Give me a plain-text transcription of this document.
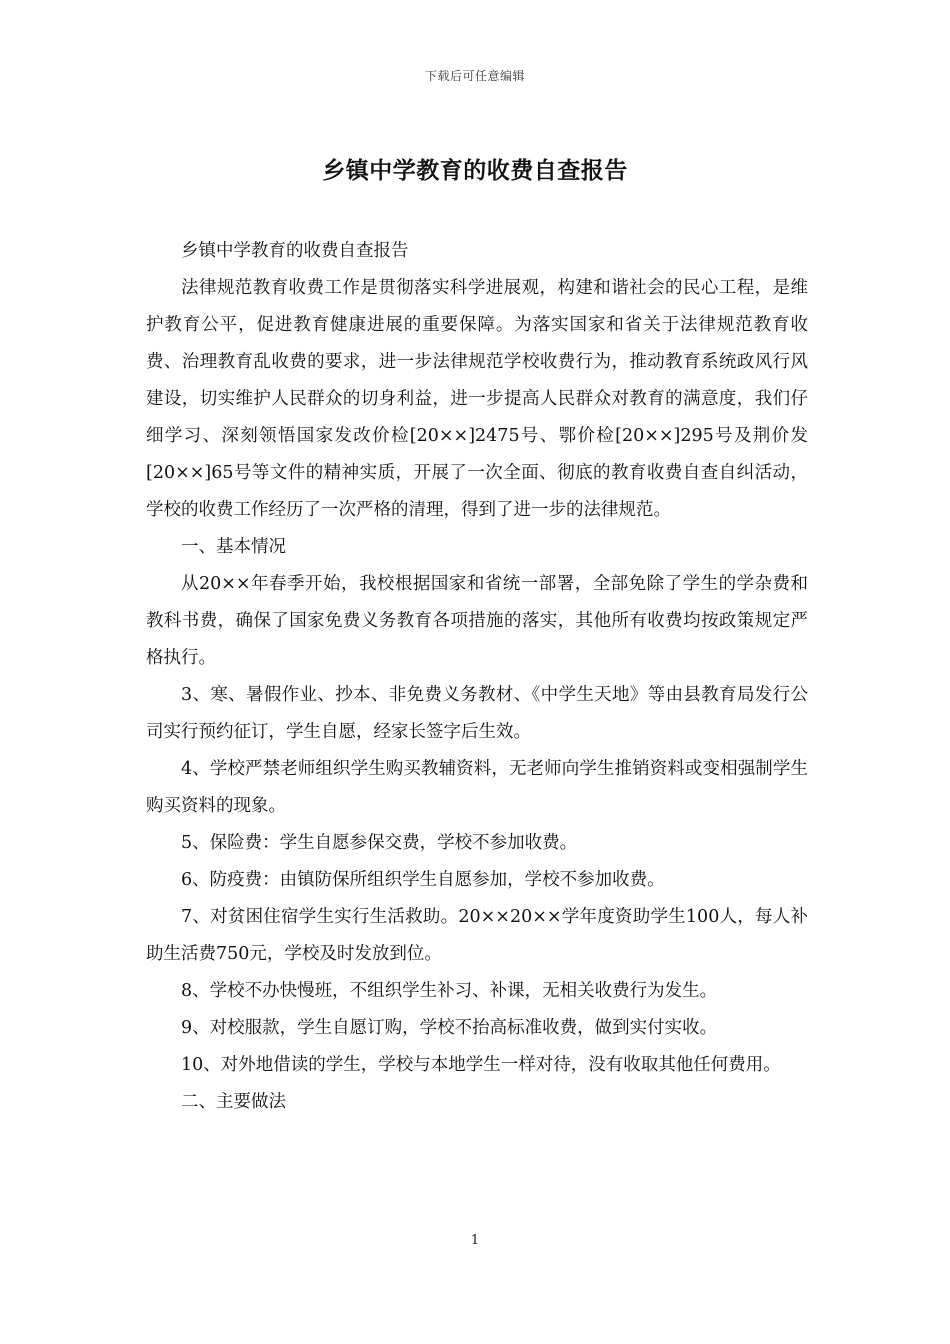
下载后可任意编辑
乡镇中学教育的收费自查报告

乡镇中学教育的收费自查报告

法律规范教育收费工作是贯彻落实科学进展观，构建和谐社会的民心工程，是维护教育公平，促进教育健康进展的重要保障。为落实国家和省关于法律规范教育收费、治理教育乱收费的要求，进一步法律规范学校收费行为，推动教育系统政风行风建设，切实维护人民群众的切身利益，进一步提高人民群众对教育的满意度，我们仔细学习、深刻领悟国家发改价检[20××]2475号、鄂价检[20××]295号及荆价发[20××]65号等文件的精神实质，开展了一次全面、彻底的教育收费自查自纠活动，学校的收费工作经历了一次严格的清理，得到了进一步的法律规范。

一、基本情况

从20××年春季开始，我校根据国家和省统一部署，全部免除了学生的学杂费和教科书费，确保了国家免费义务教育各项措施的落实，其他所有收费均按政策规定严格执行。

3、寒、暑假作业、抄本、非免费义务教材、《中学生天地》等由县教育局发行公司实行预约征订，学生自愿，经家长签字后生效。

4、学校严禁老师组织学生购买教辅资料，无老师向学生推销资料或变相强制学生购买资料的现象。

5、保险费：学生自愿参保交费，学校不参加收费。

6、防疫费：由镇防保所组织学生自愿参加，学校不参加收费。

7、对贫困住宿学生实行生活救助。20××20××学年度资助学生100人，每人补助生活费750元，学校及时发放到位。

8、学校不办快慢班，不组织学生补习、补课，无相关收费行为发生。

9、对校服款，学生自愿订购，学校不抬高标准收费，做到实付实收。

10、对外地借读的学生，学校与本地学生一样对待，没有收取其他任何费用。

二、主要做法

1
